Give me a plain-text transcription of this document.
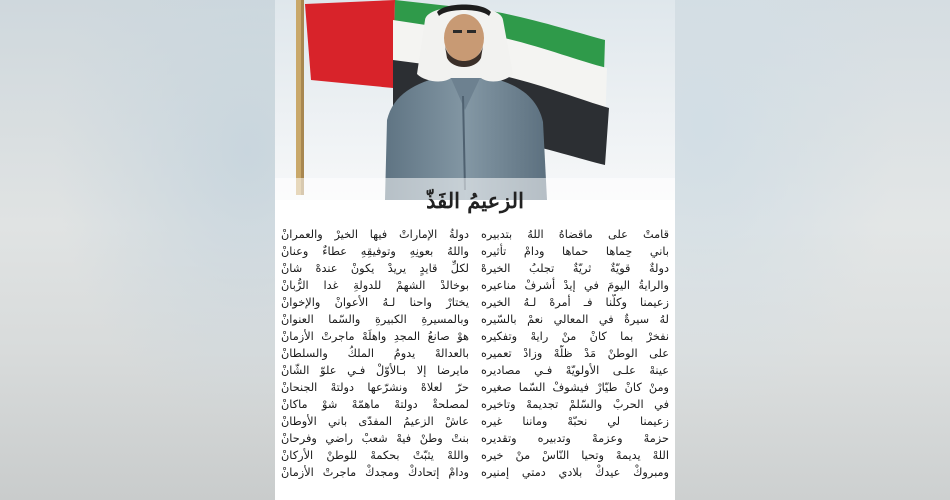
الزعيمُ الفَذّ
قامتْ على ماقضاهُ اللهُ بتدبيره
دولةُ الإماراتْ فيها الخيرْ والعمرانْ
باني حِماها حماها ودامْ تأثيره
واللهُ بعونِهِ وتوفيقِهِ عطاءٌ وعنانْ
دولةٌ قويّةٌ ثريّةٌ تجلبُ الخيرهْ
لكلِّ قايدٍ يريدْ يكونْ عندهْ شانْ
والرايةُ اليومَ في إيدْ أشرفْ مناعيره
بوخالدْ الشهمْ للدولةِ غدا الرُّبانْ
زعيمنا وكلُّنا فـ أمرهْ لـهُ الخيره
يختارْ واحنا لـهُ الأعوانْ والإخوانْ
لهُ سيرةٌ في المعالي نعمْ بالسّيره
وبالمسيرةِ الكبيرةِ والسّما العنوانْ
نفخرْ بما كانْ منْ رايهْ وتفكيره
هوْ صانعُ المجدِ واهلَهْ ماجرتْ الأزمانْ
على الوطنْ مَدْ ظلّهْ وزادْ تعميره
بالعدالهْ يدومُ الملكُ والسلطانْ
عينهْ علـى الأولويّهْ فـي مصاديره
مايرضا إلا بـالأوّلْ فـي علوّ الشّانْ
ومنْ كانْ طيّارْ فيشوفْ السّما صغيره
حرّ لعلاهْ ونشرّعها دولتهْ الجنحانْ
في الحربْ والسّلمْ تجديمهْ وتاخيره
لمصلحةْ دولتهْ ماهمّهْ شوْ ماكانْ
زعيمنا لي نحبّهْ وماننا غيره
عاشْ الزعيمُ المفدّى باني الأوطانْ
حزمهْ وعزمهْ وتدبيره وتقديره
بنتْ وطنْ فيهْ شعبْ راضي وفرحانْ
اللهْ يديمهْ وتحيا النّاسْ منْ خيره
واللهْ يثبّتْ بحكمهْ للوطنْ الأركانْ
ومبروكْ عيدكْ بلادي دمتي إمنيره
ودامْ إتحادكْ ومجدكْ ماجرتْ الأزمانْ
